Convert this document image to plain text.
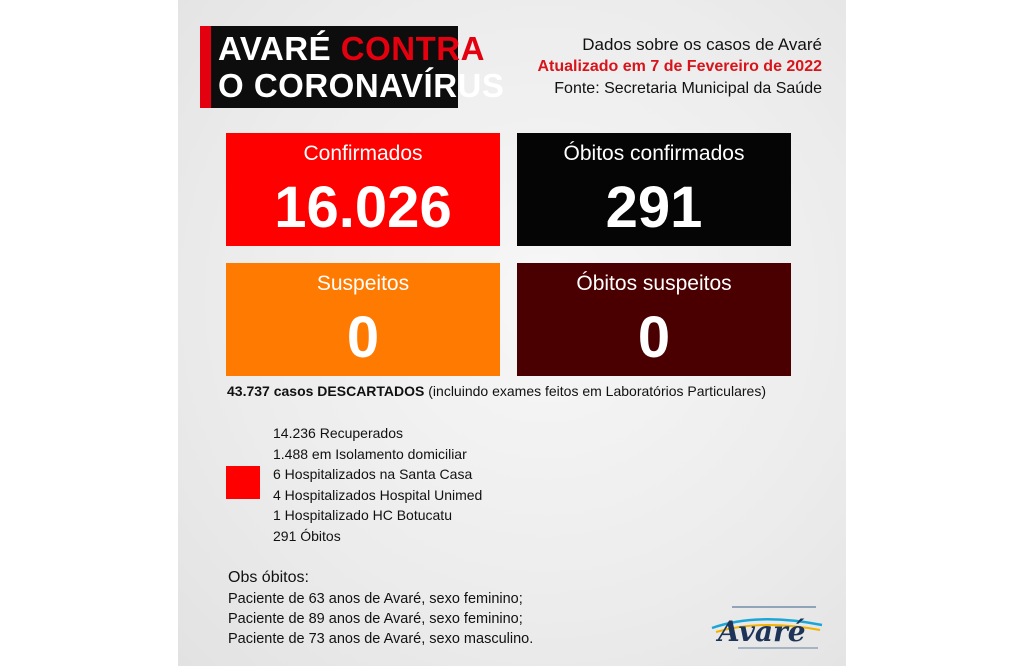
AVARÉ CONTRA
O CORONAVÍRUS
Dados sobre os casos de Avaré
Atualizado em 7 de Fevereiro de 2022
Fonte: Secretaria Municipal da Saúde
Confirmados
16.026
Óbitos confirmados
291
Suspeitos
0
Óbitos suspeitos
0
43.737 casos DESCARTADOS (incluindo exames feitos em Laboratórios Particulares)
14.236 Recuperados
1.488 em Isolamento domiciliar
6 Hospitalizados na Santa Casa
4 Hospitalizados Hospital Unimed
1 Hospitalizado HC Botucatu
291 Óbitos
Obs óbitos:
Paciente de 63 anos de Avaré, sexo feminino;
Paciente de 89 anos de Avaré, sexo feminino;
Paciente de 73 anos de Avaré, sexo masculino.	Avaré
